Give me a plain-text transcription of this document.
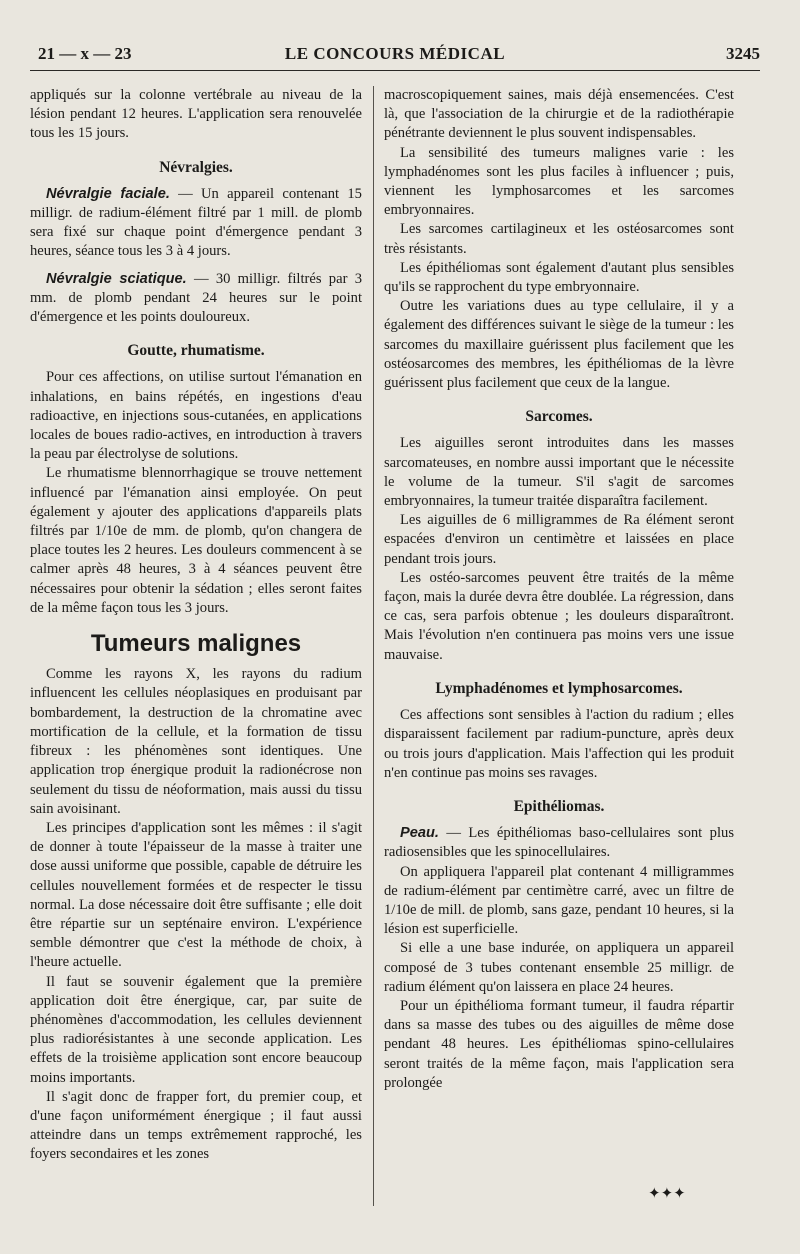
21 — x — 23	LE CONCOURS MÉDICAL	3245

appliqués sur la colonne vertébrale au niveau de la lésion pendant 12 heures. L'application sera renouvelée tous les 15 jours.

Névralgies.

Névralgie faciale. — Un appareil contenant 15 milligr. de radium-élément filtré par 1 mill. de plomb sera fixé sur chaque point d'émergence pendant 3 heures, séance tous les 3 à 4 jours.

Névralgie sciatique. — 30 milligr. filtrés par 3 mm. de plomb pendant 24 heures sur le point d'émergence et les points douloureux.

Goutte, rhumatisme.

Pour ces affections, on utilise surtout l'émanation en inhalations, en bains répétés, en ingestions d'eau radioactive, en injections sous-cutanées, en applications locales de boues radio-actives, en introduction à travers la peau par électrolyse de solutions.

Le rhumatisme blennorrhagique se trouve nettement influencé par l'émanation ainsi employée. On peut également y ajouter des applications d'appareils plats filtrés par 1/10e de mm. de plomb, qu'on changera de place toutes les 2 heures. Les douleurs commencent à se calmer après 48 heures, 3 à 4 séances peuvent être nécessaires pour obtenir la sédation ; elles seront faites de la même façon tous les 3 jours.

Tumeurs malignes

Comme les rayons X, les rayons du radium influencent les cellules néoplasiques en produisant par bombardement, la destruction de la chromatine avec mortification de la cellule, et la formation de tissu fibreux : les phénomènes sont identiques. Une application trop énergique produit la radionécrose non seulement du tissu de néoformation, mais aussi du tissu sain avoisinant.

Les principes d'application sont les mêmes : il s'agit de donner à toute l'épaisseur de la masse à traiter une dose aussi uniforme que possible, capable de détruire les cellules nouvellement formées et de respecter le tissu normal. La dose nécessaire doit être suffisante ; elle doit être répartie sur un septénaire environ. L'expérience semble démontrer que c'est la méthode de choix, à l'heure actuelle.

Il faut se souvenir également que la première application doit être énergique, car, par suite de phénomènes d'accommodation, les cellules deviennent plus radiorésistantes à une seconde application. Les effets de la troisième application sont encore beaucoup moins importants.

Il s'agit donc de frapper fort, du premier coup, et d'une façon uniformément énergique ; il faut aussi atteindre dans un temps extrêmement rapproché, les foyers secondaires et les zones

macroscopiquement saines, mais déjà ensemencées. C'est là, que l'association de la chirurgie et de la radiothérapie pénétrante deviennent le plus souvent indispensables.

La sensibilité des tumeurs malignes varie : les lymphadénomes sont les plus faciles à influencer ; puis, viennent les lymphosarcomes et les sarcomes embryonnaires.

Les sarcomes cartilagineux et les ostéosarcomes sont très résistants.

Les épithéliomas sont également d'autant plus sensibles qu'ils se rapprochent du type embryonnaire.

Outre les variations dues au type cellulaire, il y a également des différences suivant le siège de la tumeur : les sarcomes du maxillaire guérissent plus facilement que les ostéosarcomes des membres, les épithéliomas de la lèvre guérissent plus facilement que ceux de la langue.

Sarcomes.

Les aiguilles seront introduites dans les masses sarcomateuses, en nombre aussi important que le nécessite le volume de la tumeur. S'il s'agit de sarcomes embryonnaires, la tumeur traitée disparaîtra facilement.

Les aiguilles de 6 milligrammes de Ra élément seront espacées d'environ un centimètre et laissées en place pendant trois jours.

Les ostéo-sarcomes peuvent être traités de la même façon, mais la durée devra être doublée. La régression, dans ce cas, sera parfois obtenue ; les douleurs disparaîtront. Mais l'évolution n'en continuera pas moins vers une issue mauvaise.

Lymphadénomes et lymphosarcomes.

Ces affections sont sensibles à l'action du radium ; elles disparaissent facilement par radium-puncture, après deux ou trois jours d'application. Mais l'affection qui les produit n'en continue pas moins ses ravages.

Epithéliomas.

Peau. — Les épithéliomas baso-cellulaires sont plus radiosensibles que les spinocellulaires.

On appliquera l'appareil plat contenant 4 milligrammes de radium-élément par centimètre carré, avec un filtre de 1/10e de mill. de plomb, sans gaze, pendant 10 heures, si la lésion est superficielle.

Si elle a une base indurée, on appliquera un appareil composé de 3 tubes contenant ensemble 25 milligr. de radium élément qu'on laissera en place 24 heures.

Pour un épithélioma formant tumeur, il faudra répartir dans sa masse des tubes ou des aiguilles de même dose pendant 48 heures. Les épithéliomas spino-cellulaires seront traités de la même façon, mais l'application sera prolongée

✦✦✦
